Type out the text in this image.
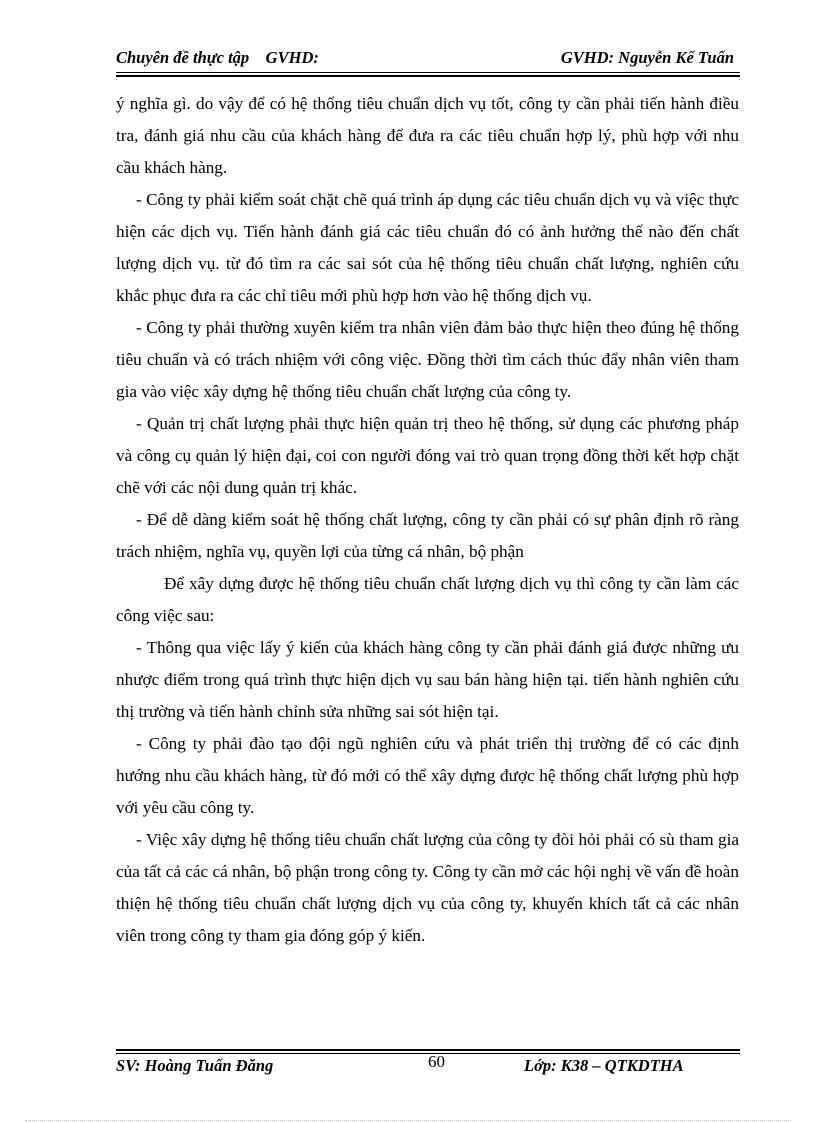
Chuyên đề thực tập    GVHD:	GVHD: Nguyễn Kế Tuấn

ý nghĩa gì. do vậy để có hệ thống tiêu chuẩn dịch vụ tốt, công ty cần phải tiến hành điều tra, đánh giá nhu cầu của khách hàng để đưa ra các tiêu chuẩn hợp lý, phù hợp với nhu cầu khách hàng.

- Công ty phải kiểm soát chặt chẽ quá trình áp dụng các tiêu chuẩn dịch vụ và việc thực hiện các dịch vụ. Tiến hành đánh giá các tiêu chuẩn đó có ảnh hưởng thế nào đến chất lượng dịch vụ. từ đó tìm ra các sai sót của hệ thống tiêu chuẩn chất lượng, nghiên cứu khắc phục đưa ra các chỉ tiêu mới phù hợp hơn vào hệ thống dịch vụ.

- Công ty phải thường xuyên kiểm tra nhân viên đảm bảo thực hiện theo đúng hệ thống tiêu chuẩn và có trách nhiệm với công việc. Đồng thời tìm cách thúc đẩy nhân viên tham gia vào việc xây dựng hệ thống tiêu chuẩn chất lượng của công ty.

- Quản trị chất lượng phải thực hiện quản trị theo hệ thống, sử dụng các phương pháp và công cụ quản lý hiện đại, coi con người đóng vai trò quan trọng đồng thời kết hợp chặt chẽ với các nội dung quản trị khác.

- Để dễ dàng kiểm soát hệ thống chất lượng, công ty cần phải có sự phân định rõ ràng trách nhiệm, nghĩa vụ, quyền lợi của từng cá nhân, bộ phận

Để xây dựng được hệ thống tiêu chuẩn chất lượng dịch vụ thì công ty cần làm các công việc sau:

- Thông qua việc lấy ý kiến của khách hàng công ty cần phải đánh giá được những ưu nhược điểm trong quá trình thực hiện dịch vụ sau bán hàng hiện tại. tiến hành nghiên cứu thị trường và tiến hành chỉnh sửa những sai sót hiện tại.

- Công ty phải đào tạo đội ngũ nghiên cứu và phát triển thị trường để có các định hướng nhu cầu khách hàng, từ đó mới có thể xây dựng được hệ thống chất lượng phù hợp với yêu cầu công ty.

- Việc xây dựng hệ thống tiêu chuẩn chất lượng của công ty đòi hỏi phải có sù tham gia của tất cả các cá nhân, bộ phận trong công ty. Công ty cần mở các hội nghị về vấn đề hoàn thiện hệ thống tiêu chuẩn chất lượng dịch vụ của công ty, khuyến khích tất cả các nhân viên trong công ty tham gia đóng góp ý kiến.

SV: Hoàng Tuấn Đăng	60	Lớp: K38 – QTKDTHA
